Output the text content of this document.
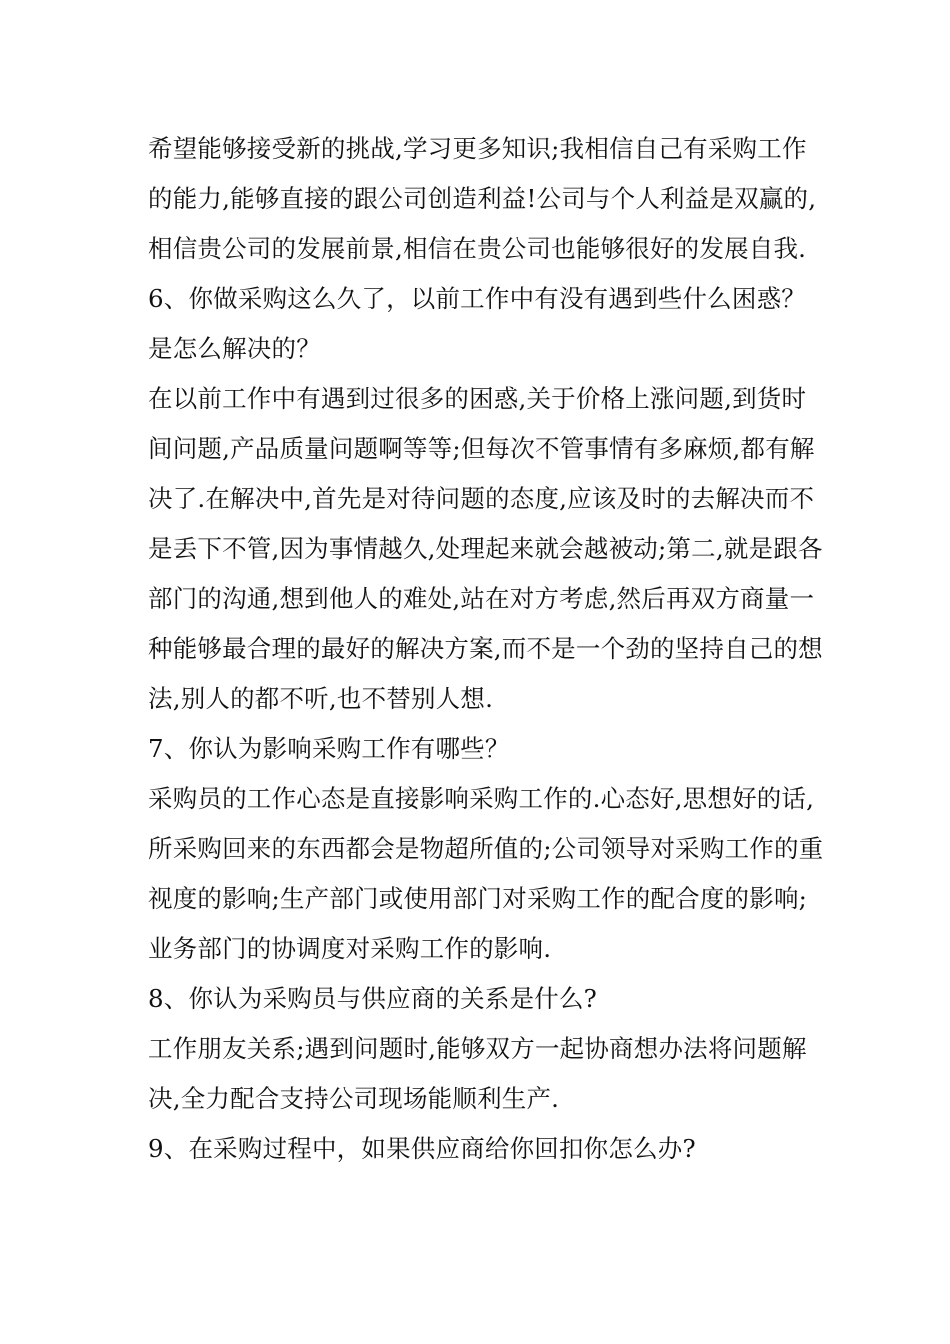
希望能够接受新的挑战,学习更多知识;我相信自己有采购工作
的能力,能够直接的跟公司创造利益!公司与个人利益是双赢的,
相信贵公司的发展前景,相信在贵公司也能够很好的发展自我.
6、你做采购这么久了，以前工作中有没有遇到些什么困惑？
是怎么解决的？
在以前工作中有遇到过很多的困惑,关于价格上涨问题,到货时
间问题,产品质量问题啊等等;但每次不管事情有多麻烦,都有解
决了.在解决中,首先是对待问题的态度,应该及时的去解决而不
是丢下不管,因为事情越久,处理起来就会越被动;第二,就是跟各
部门的沟通,想到他人的难处,站在对方考虑,然后再双方商量一
种能够最合理的最好的解决方案,而不是一个劲的坚持自己的想
法,别人的都不听,也不替别人想.
7、你认为影响采购工作有哪些？
采购员的工作心态是直接影响采购工作的.心态好,思想好的话,
所采购回来的东西都会是物超所值的;公司领导对采购工作的重
视度的影响;生产部门或使用部门对采购工作的配合度的影响;
业务部门的协调度对采购工作的影响.
8、你认为采购员与供应商的关系是什么?
工作朋友关系;遇到问题时,能够双方一起协商想办法将问题解
决,全力配合支持公司现场能顺利生产.
9、在采购过程中，如果供应商给你回扣你怎么办?
